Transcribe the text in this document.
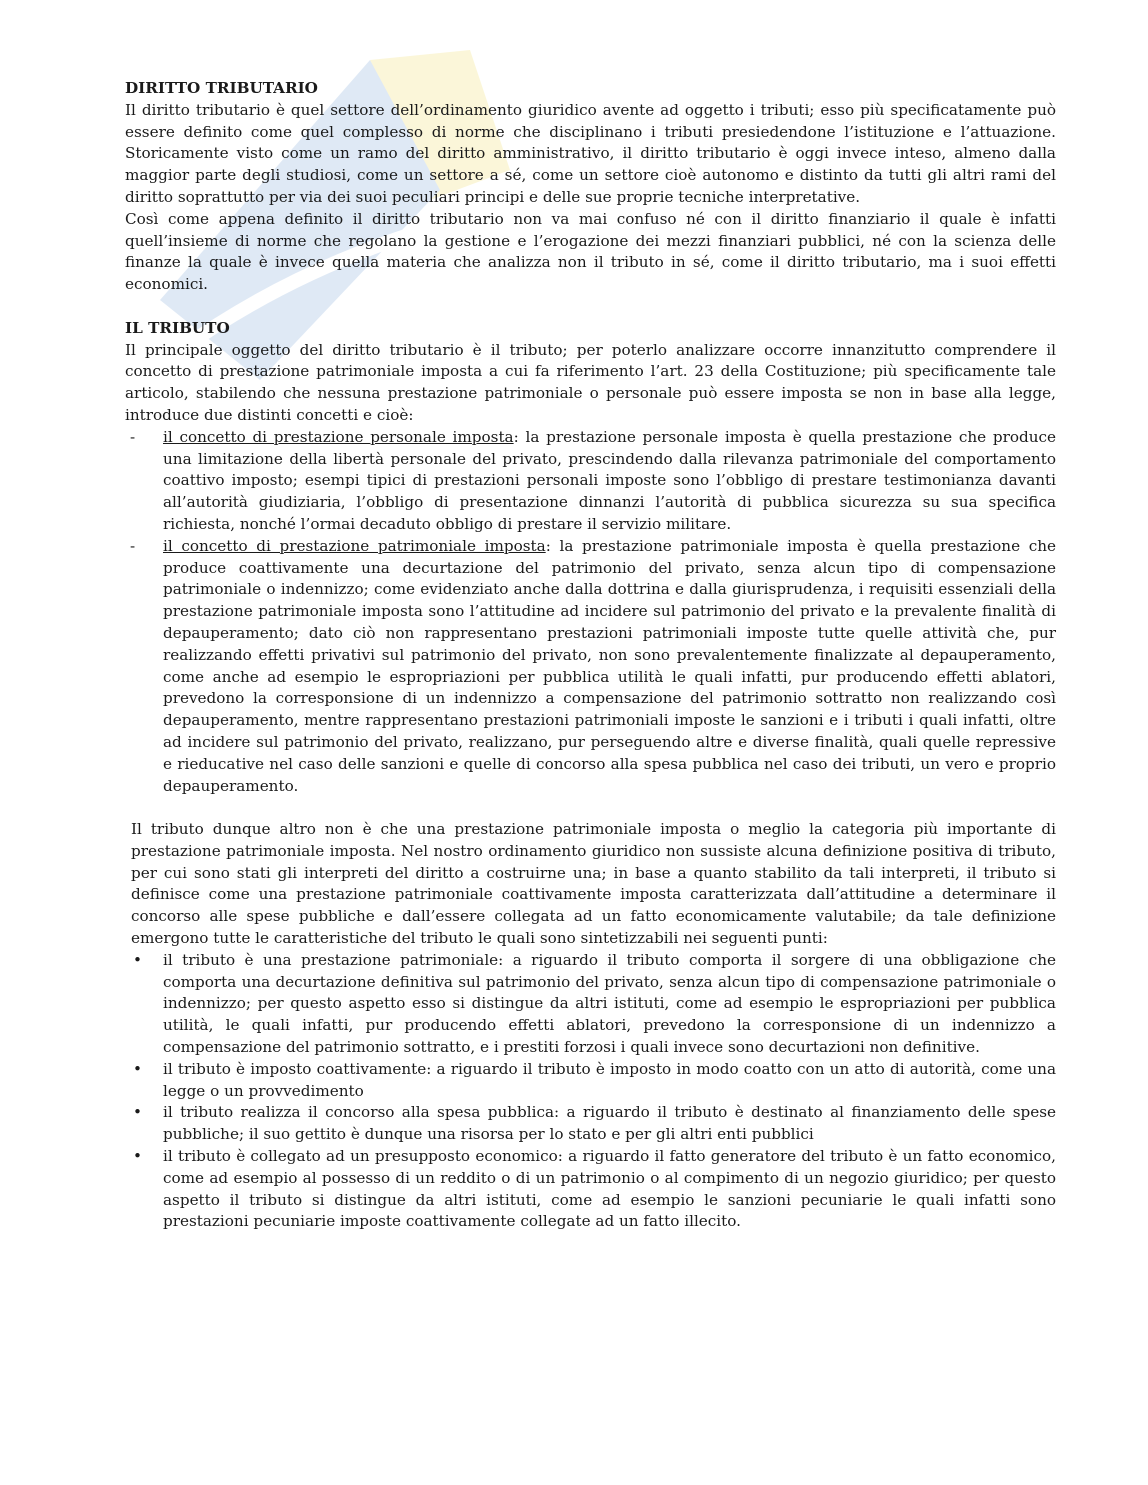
DIRITTO TRIBUTARIO

Il diritto tributario è quel settore dell’ordinamento giuridico avente ad oggetto i tributi; esso più specificatamente può essere definito come quel complesso di norme che disciplinano i tributi presiedendone l’istituzione e l’attuazione. Storicamente visto come un ramo del diritto amministrativo, il diritto tributario è oggi invece inteso, almeno dalla maggior parte degli studiosi, come un settore a sé, come un settore cioè autonomo e distinto da tutti gli altri rami del diritto soprattutto per via dei suoi peculiari principi e delle sue proprie tecniche interpretative.

Così come appena definito il diritto tributario non va mai confuso né con il diritto finanziario il quale è infatti quell’insieme di norme che regolano la gestione e l’erogazione dei mezzi finanziari pubblici, né con la scienza delle finanze la quale è invece quella materia che analizza non il tributo in sé, come il diritto tributario, ma i suoi effetti economici.

IL TRIBUTO

Il principale oggetto del diritto tributario è il tributo; per poterlo analizzare occorre innanzitutto comprendere il concetto di prestazione patrimoniale imposta a cui fa riferimento l’art. 23 della Costituzione; più specificamente tale articolo, stabilendo che nessuna prestazione patrimoniale o personale può essere imposta se non in base alla legge, introduce due distinti concetti e cioè:

- il concetto di prestazione personale imposta: la prestazione personale imposta è quella prestazione che produce una limitazione della libertà personale del privato, prescindendo dalla rilevanza patrimoniale del comportamento coattivo imposto; esempi tipici di prestazioni personali imposte sono l’obbligo di prestare testimonianza davanti all’autorità giudiziaria, l’obbligo di presentazione dinnanzi l’autorità di pubblica sicurezza su sua specifica richiesta, nonché l’ormai decaduto obbligo di prestare il servizio militare.
- il concetto di prestazione patrimoniale imposta: la prestazione patrimoniale imposta è quella prestazione che produce coattivamente una decurtazione del patrimonio del privato, senza alcun tipo di compensazione patrimoniale o indennizzo; come evidenziato anche dalla dottrina e dalla giurisprudenza, i requisiti essenziali della prestazione patrimoniale imposta sono l’attitudine ad incidere sul patrimonio del privato e la prevalente finalità di depauperamento; dato ciò non rappresentano prestazioni patrimoniali imposte tutte quelle attività che, pur realizzando effetti privativi sul patrimonio del privato, non sono prevalentemente finalizzate al depauperamento, come anche ad esempio le espropriazioni per pubblica utilità le quali infatti, pur producendo effetti ablatori, prevedono la corresponsione di un indennizzo a compensazione del patrimonio sottratto non realizzando così depauperamento, mentre rappresentano prestazioni patrimoniali imposte le sanzioni e i tributi i quali infatti, oltre ad incidere sul patrimonio del privato, realizzano, pur perseguendo altre e diverse finalità, quali quelle repressive e rieducative nel caso delle sanzioni e quelle di concorso alla spesa pubblica nel caso dei tributi, un vero e proprio depauperamento.

Il tributo dunque altro non è che una prestazione patrimoniale imposta o meglio la categoria più importante di prestazione patrimoniale imposta. Nel nostro ordinamento giuridico non sussiste alcuna definizione positiva di tributo, per cui sono stati gli interpreti del diritto a costruirne una; in base a quanto stabilito da tali interpreti, il tributo si definisce come una prestazione patrimoniale coattivamente imposta caratterizzata dall’attitudine a determinare il concorso alle spese pubbliche e dall’essere collegata ad un fatto economicamente valutabile; da tale definizione emergono tutte le caratteristiche del tributo le quali sono sintetizzabili nei seguenti punti:

• il tributo è una prestazione patrimoniale: a riguardo il tributo comporta il sorgere di una obbligazione che comporta una decurtazione definitiva sul patrimonio del privato, senza alcun tipo di compensazione patrimoniale o indennizzo; per questo aspetto esso si distingue da altri istituti, come ad esempio le espropriazioni per pubblica utilità, le quali infatti, pur producendo effetti ablatori, prevedono la corresponsione di un indennizzo a compensazione del patrimonio sottratto, e i prestiti forzosi i quali invece sono decurtazioni non definitive.
• il tributo è imposto coattivamente: a riguardo il tributo è imposto in modo coatto con un atto di autorità, come una legge o un provvedimento
• il tributo realizza il concorso alla spesa pubblica: a riguardo il tributo è destinato al finanziamento delle spese pubbliche; il suo gettito è dunque una risorsa per lo stato e per gli altri enti pubblici
• il tributo è collegato ad un presupposto economico: a riguardo il fatto generatore del tributo è un fatto economico, come ad esempio al possesso di un reddito o di un patrimonio o al compimento di un negozio giuridico; per questo aspetto il tributo si distingue da altri istituti, come ad esempio le sanzioni pecuniarie le quali infatti sono prestazioni pecuniarie imposte coattivamente collegate ad un fatto illecito.
